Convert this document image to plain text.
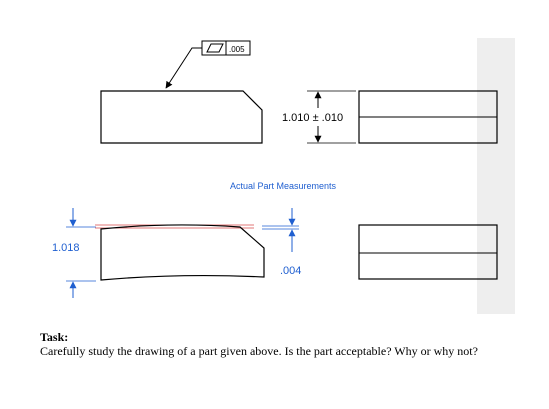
.005
1.010 ± .010
Actual Part Measurements
1.018
.004
Task:
Carefully study the drawing of a part given above. Is the part acceptable? Why or why not?
